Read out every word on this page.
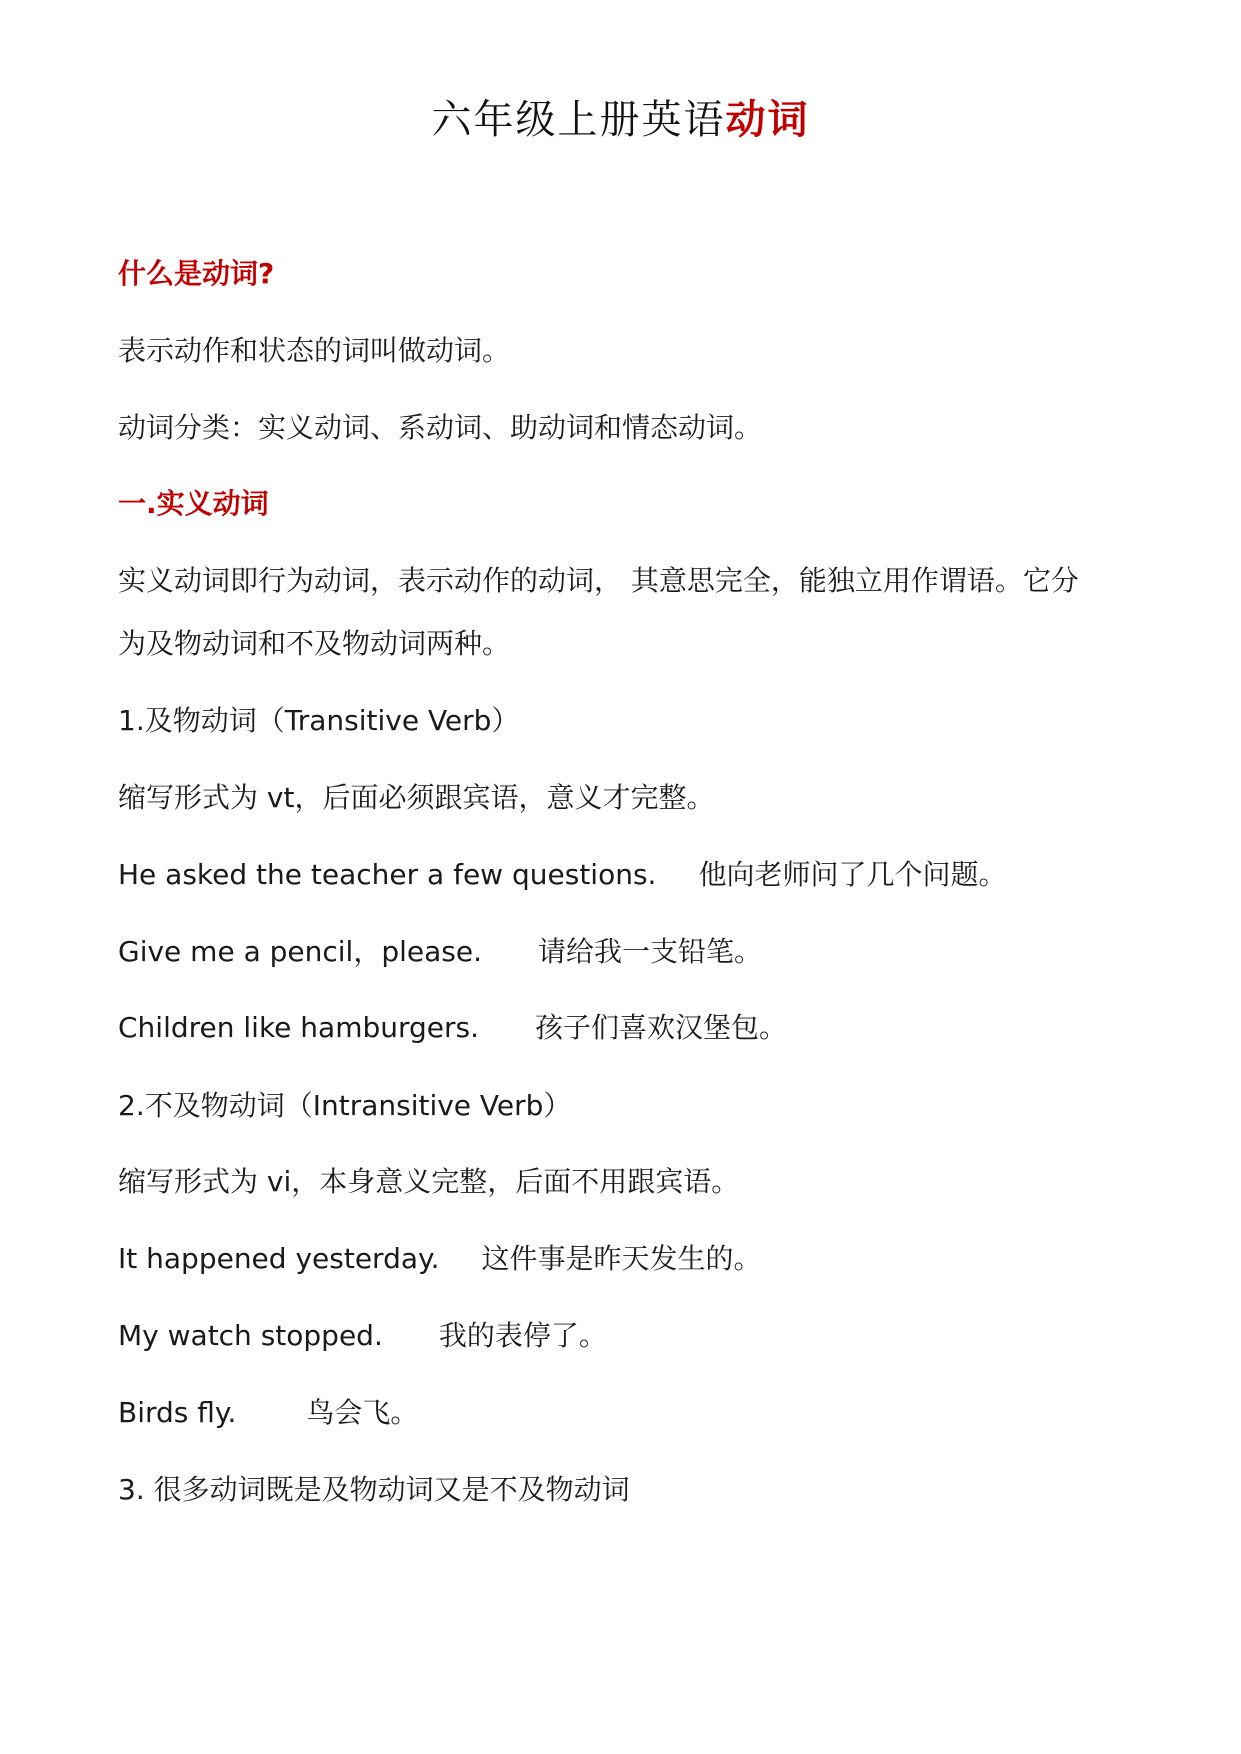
六年级上册英语动词
什么是动词?
表示动作和状态的词叫做动词。
动词分类：实义动词、系动词、助动词和情态动词。
一.实义动词
实义动词即行为动词，表示动作的动词， 其意思完全，能独立用作谓语。它分
为及物动词和不及物动词两种。
1.及物动词（Transitive Verb）
缩写形式为 vt，后面必须跟宾语，意义才完整。
He asked the teacher a few questions. 他向老师问了几个问题。
Give me a pencil，please. 请给我一支铅笔。
Children like hamburgers. 孩子们喜欢汉堡包。
2.不及物动词（Intransitive Verb）
缩写形式为 vi，本身意义完整，后面不用跟宾语。
It happened yesterday. 这件事是昨天发生的。
My watch stopped. 我的表停了。
Birds fly.	鸟会飞。
3. 很多动词既是及物动词又是不及物动词
